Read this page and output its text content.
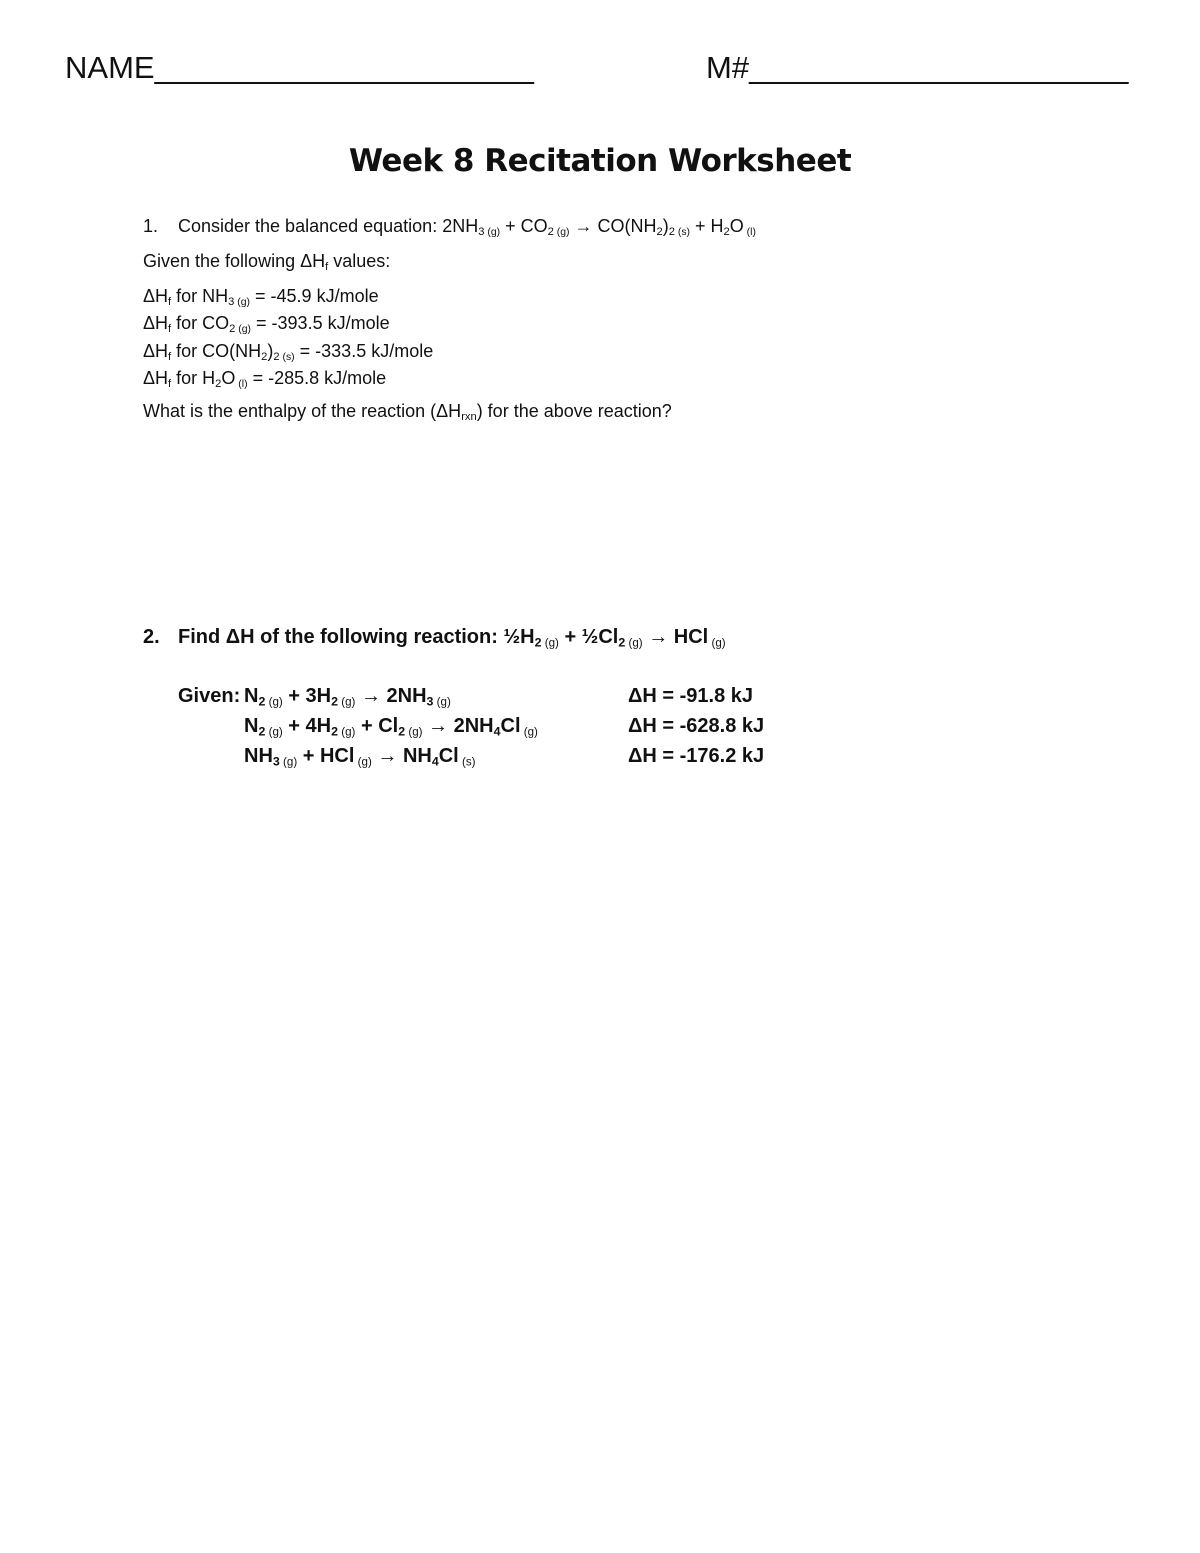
NAME______________________	M#______________________
Week 8 Recitation Worksheet
1. Consider the balanced equation: $2NH_3$ $(g) + CO_2$ $(g) \to CO(NH_2)_2$ $(s) + H_2O$ (l)
Given the following $\Delta H_f$ values:
$\Delta H_f$ for $NH_3$ (g) = -45.9 kJ/mole
$\Delta H_f$ for $CO_2$ (g) = -393.5 kJ/mole
$\Delta H_f$ for $CO(NH_2)_2$ (s) = -333.5 kJ/mole
$\Delta H_f$ for $H_2O$ (l) = -285.8 kJ/mole
What is the enthalpy of the reaction $(\Delta H_{rxn})$ for the above reaction?
2. Find ΔH of the following reaction: $\frac{1}{2}H_2$ $(g) + \frac{1}{2}Cl_2$ (g) → HCl (g)
Given: $N_2$ $(g) + 3H_2$ $(g) \to 2NH_3$ (g)	ΔH = -91.8 kJ
$N_2$ $(g) + 4H_2$ $(g) + Cl_2$ $(g) \to 2NH_4Cl$ (g)	ΔH = -628.8 kJ
$NH_3$ (g) + HCl $(g) \to NH_4Cl$ (s)	ΔH = -176.2 kJ
